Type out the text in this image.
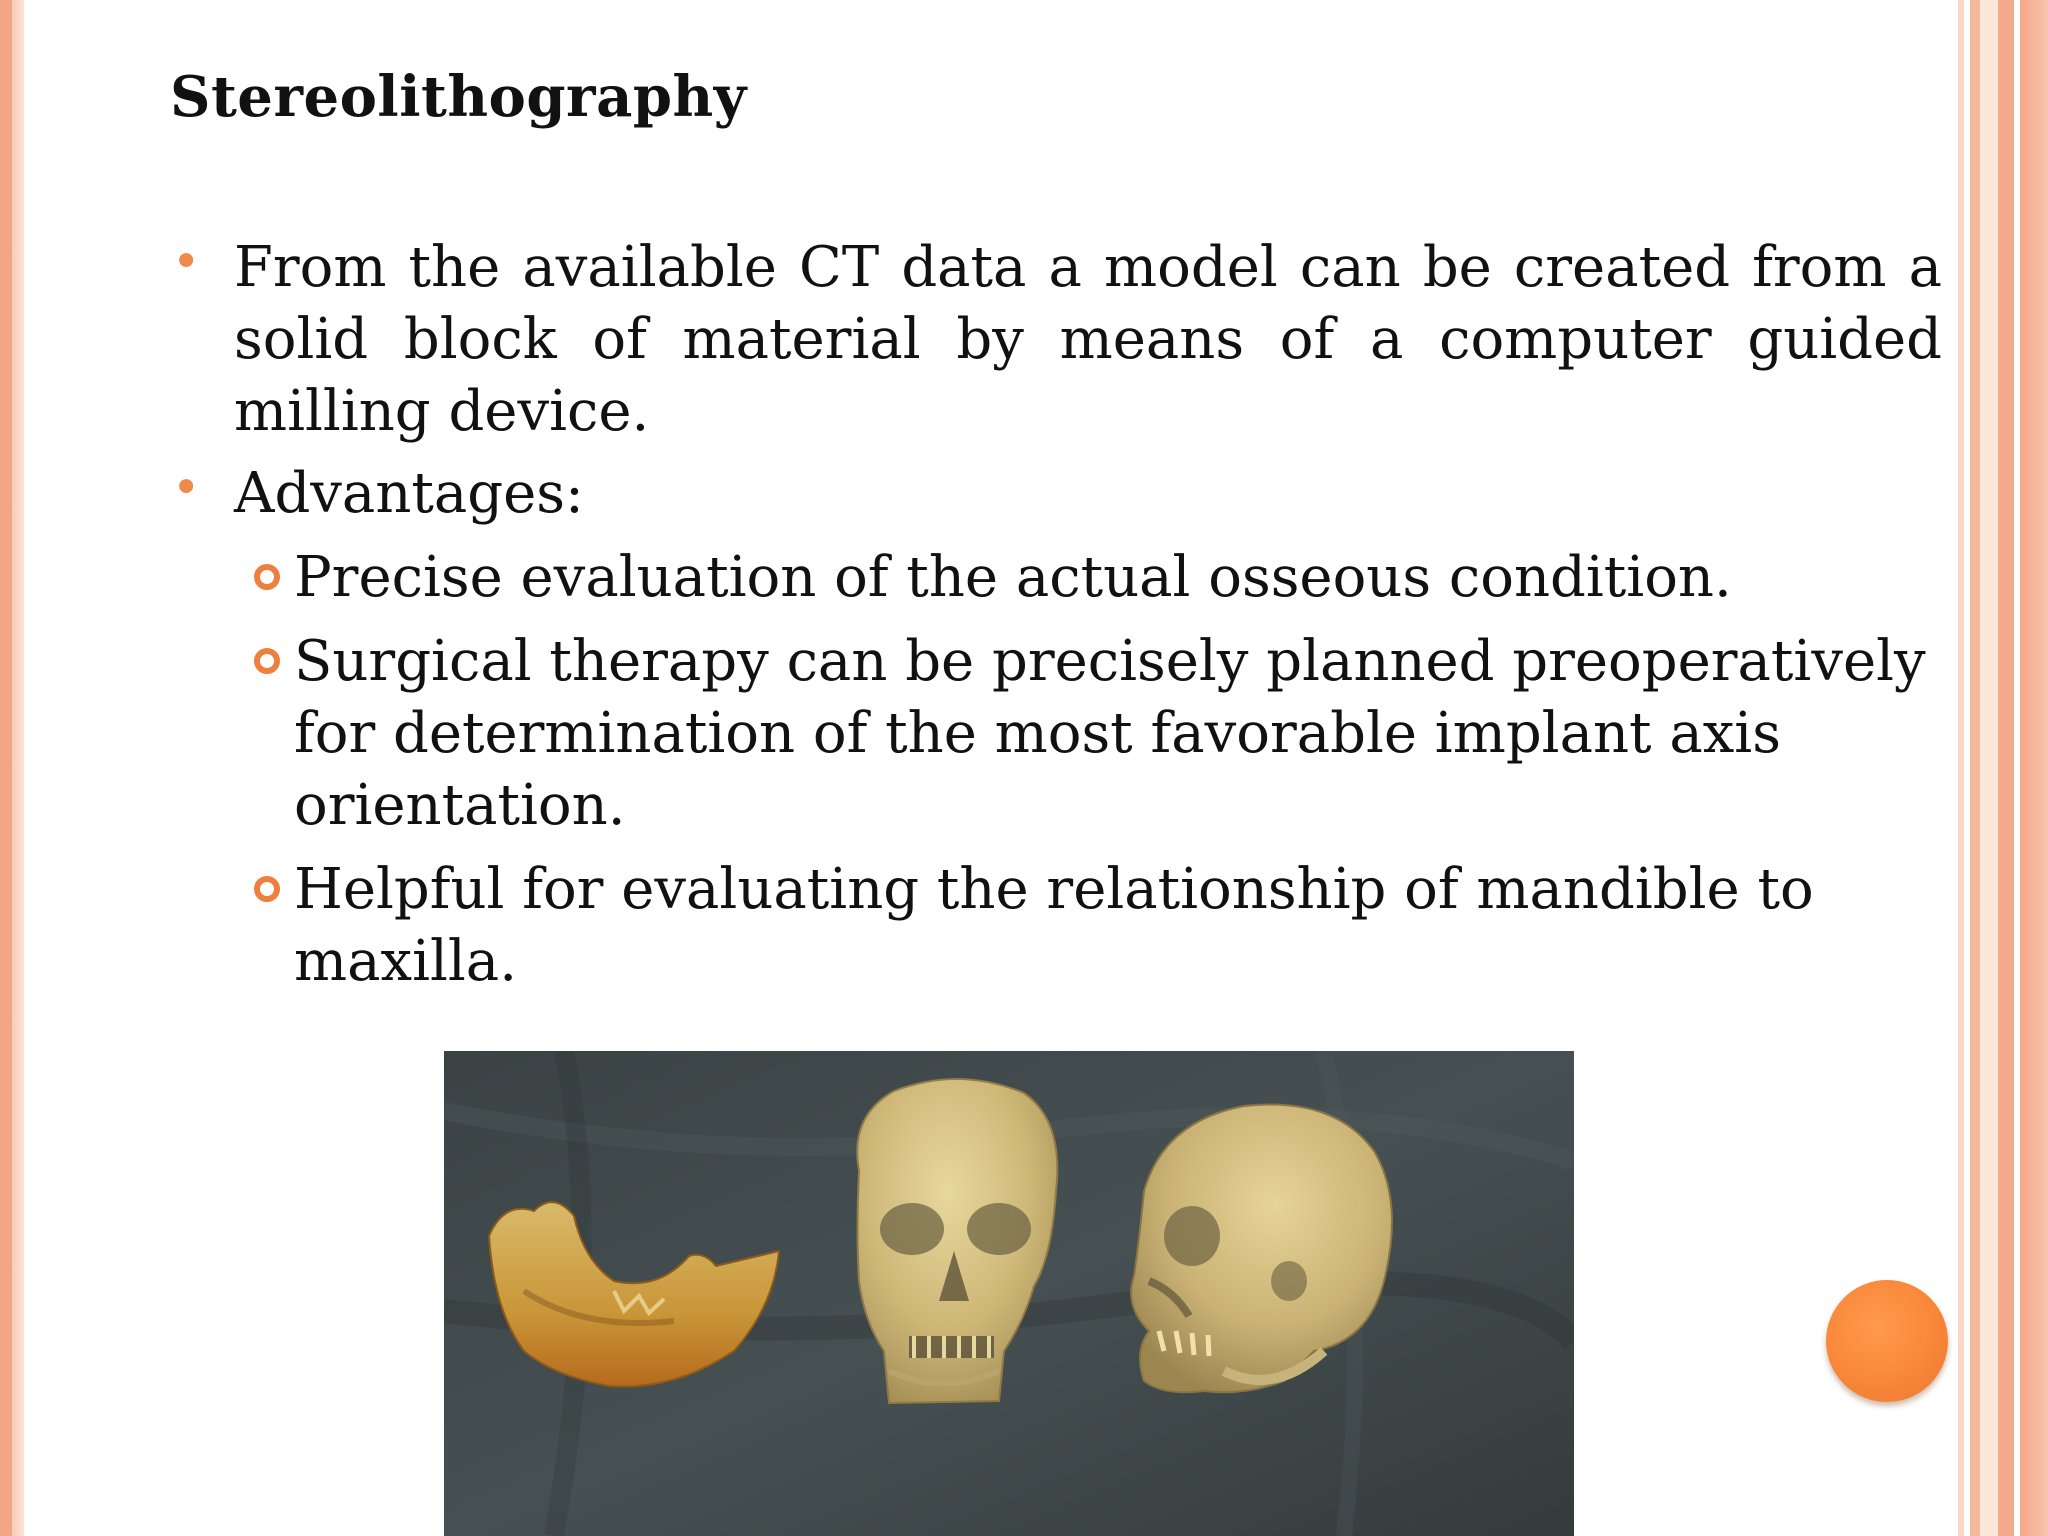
Stereolithography
• From the available CT data a model can be created from a solid block of material by means of a computer guided milling device.
• Advantages:
Precise evaluation of the actual osseous condition.
Surgical therapy can be precisely planned preoperatively for determination of the most favorable implant axis orientation.
Helpful for evaluating the relationship of mandible to maxilla.
